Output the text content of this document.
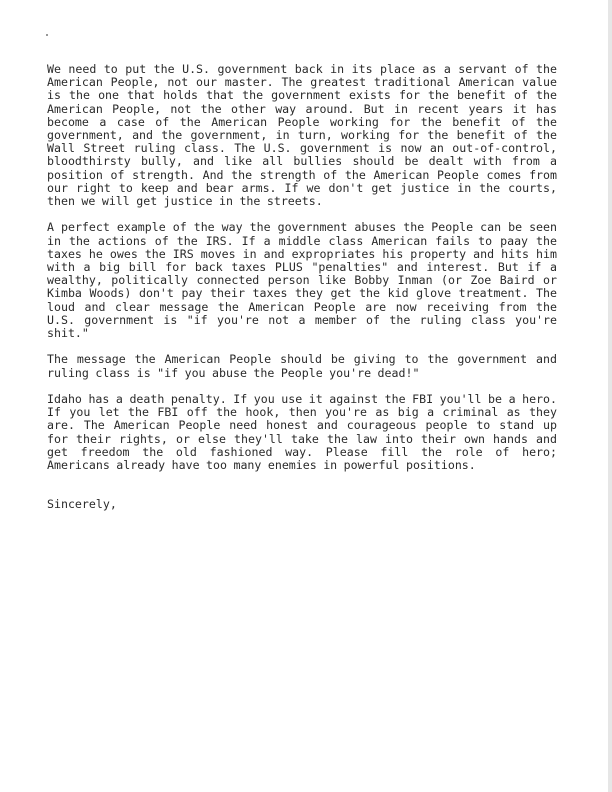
We need to put the U.S. government back in its place as a servant of the American People, not our master. The greatest traditional American value is the one that holds that the government exists for the benefit of the American People, not the other way around. But in recent years it has become a case of the American People working for the benefit of the government, and the government, in turn, working for the benefit of the Wall Street ruling class. The U.S. government is now an out-of-control, bloodthirsty bully, and like all bullies should be dealt with from a position of strength. And the strength of the American People comes from our right to keep and bear arms. If we don't get justice in the courts, then we will get justice in the streets.

A perfect example of the way the government abuses the People can be seen in the actions of the IRS. If a middle class American fails to paay the taxes he owes the IRS moves in and expropriates his property and hits him with a big bill for back taxes PLUS "penalties" and interest. But if a wealthy, politically connected person like Bobby Inman (or Zoe Baird or Kimba Woods) don't pay their taxes they get the kid glove treatment. The loud and clear message the American People are now receiving from the U.S. government is "if you're not a member of the ruling class you're shit."

The message the American People should be giving to the government and ruling class is "if you abuse the People you're dead!"

Idaho has a death penalty. If you use it against the FBI you'll be a hero. If you let the FBI off the hook, then you're as big a criminal as they are. The American People need honest and courageous people to stand up for their rights, or else they'll take the law into their own hands and get freedom the old fashioned way. Please fill the role of hero; Americans already have too many enemies in powerful positions.

Sincerely,
